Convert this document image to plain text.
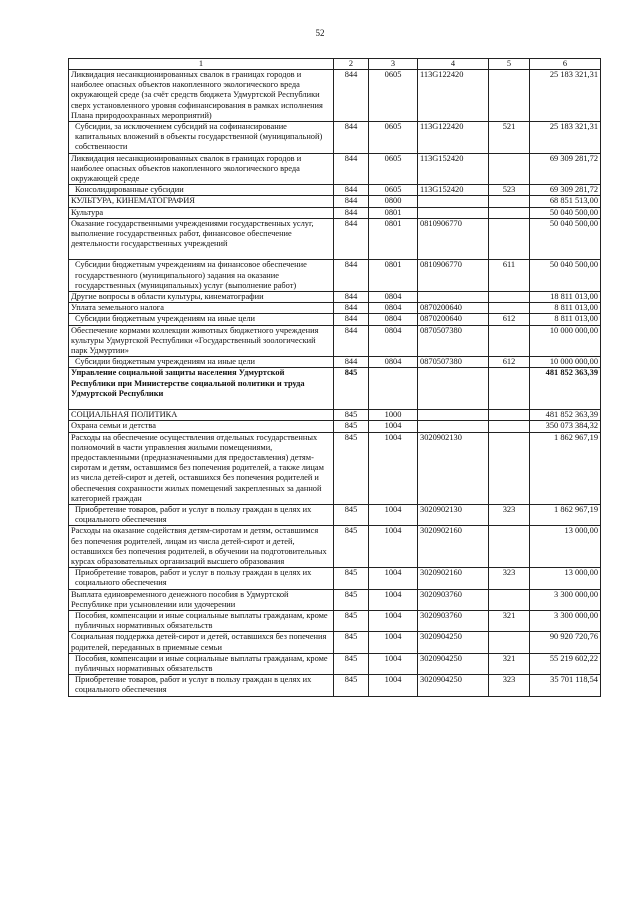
52
1	2	3	4	5	6
Ликвидация несанкционированных свалок в границах городов и наиболее опасных объектов накопленного экологического вреда окружающей среде (за счёт средств бюджета Удмуртской Республики сверх установленного уровня софинансирования в рамках исполнения Плана природоохранных мероприятий)	844	0605	113G122420		25 183 321,31
Субсидии, за исключением субсидий на софинансирование капитальных вложений в объекты государственной (муниципальной) собственности	844	0605	113G122420	521	25 183 321,31
Ликвидация несанкционированных свалок в границах городов и наиболее опасных объектов накопленного экологического вреда окружающей среде	844	0605	113G152420		69 309 281,72
Консолидированные субсидии	844	0605	113G152420	523	69 309 281,72
КУЛЬТУРА, КИНЕМАТОГРАФИЯ	844	0800			68 851 513,00
Культура	844	0801			50 040 500,00
Оказание государственными учреждениями государственных услуг, выполнение государственных работ, финансовое обеспечение деятельности государственных учреждений	844	0801	0810906770		50 040 500,00
Субсидии бюджетным учреждениям на финансовое обеспечение государственного (муниципального) задания на оказание государственных (муниципальных) услуг (выполнение работ)	844	0801	0810906770	611	50 040 500,00
Другие вопросы в области культуры, кинематографии	844	0804			18 811 013,00
Уплата земельного налога	844	0804	0870200640		8 811 013,00
Субсидии бюджетным учреждениям на иные цели	844	0804	0870200640	612	8 811 013,00
Обеспечение кормами коллекции животных бюджетного учреждения культуры Удмуртской Республики «Государственный зоологический парк Удмуртии»	844	0804	0870507380		10 000 000,00
Субсидии бюджетным учреждениям на иные цели	844	0804	0870507380	612	10 000 000,00
Управление социальной защиты населения Удмуртской Республики при Министерстве социальной политики и труда Удмуртской Республики	845				481 852 363,39
СОЦИАЛЬНАЯ ПОЛИТИКА	845	1000			481 852 363,39
Охрана семьи и детства	845	1004			350 073 384,32
Расходы на обеспечение осуществления отдельных государственных полномочий в части управления жилыми помещениями, предоставленными (предназначенными для предоставления) детям-сиротам и детям, оставшимся без попечения родителей, а также лицам из числа детей-сирот и детей, оставшихся без попечения родителей и обеспечения сохранности жилых помещений закрепленных за данной категорией граждан	845	1004	3020902130		1 862 967,19
Приобретение товаров, работ и услуг в пользу граждан в целях их социального обеспечения	845	1004	3020902130	323	1 862 967,19
Расходы на оказание содействия детям-сиротам и детям, оставшимся без попечения родителей, лицам из числа детей-сирот и детей, оставшихся без попечения родителей, в обучении на подготовительных курсах образовательных организаций высшего образования	845	1004	3020902160		13 000,00
Приобретение товаров, работ и услуг в пользу граждан в целях их социального обеспечения	845	1004	3020902160	323	13 000,00
Выплата единовременного денежного пособия в Удмуртской Республике при усыновлении или удочерении	845	1004	3020903760		3 300 000,00
Пособия, компенсации и иные социальные выплаты гражданам, кроме публичных нормативных обязательств	845	1004	3020903760	321	3 300 000,00
Социальная поддержка детей-сирот и детей, оставшихся без попечения родителей, переданных в приемные семьи	845	1004	3020904250		90 920 720,76
Пособия, компенсации и иные социальные выплаты гражданам, кроме публичных нормативных обязательств	845	1004	3020904250	321	55 219 602,22
Приобретение товаров, работ и услуг в пользу граждан в целях их социального обеспечения	845	1004	3020904250	323	35 701 118,54
